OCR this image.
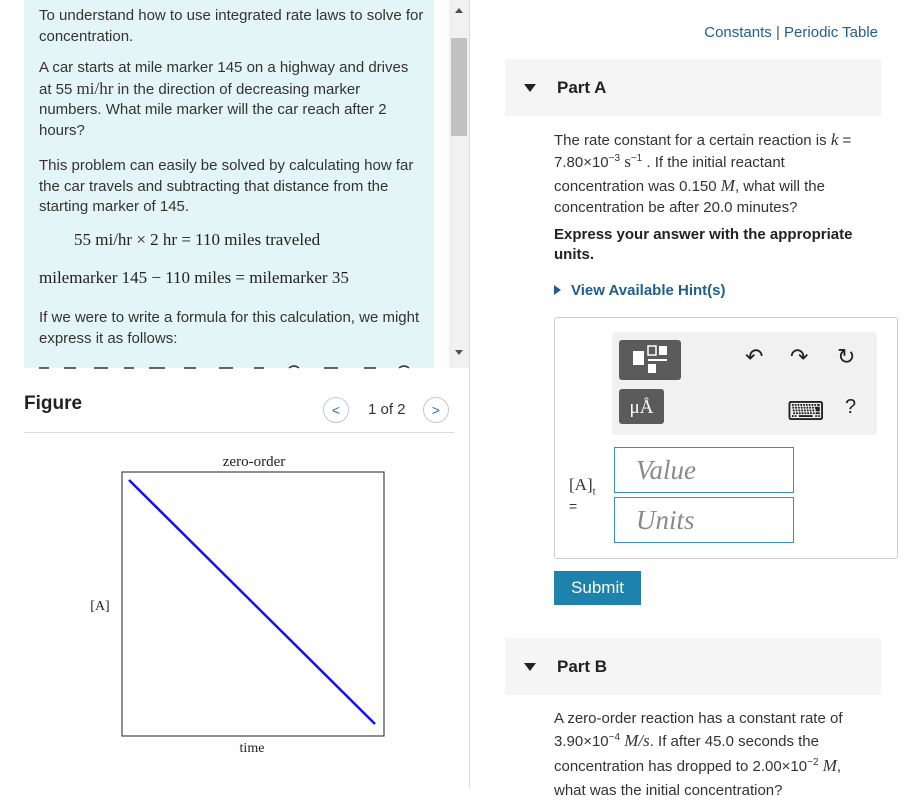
To understand how to use integrated rate laws to solve for concentration.

A car starts at mile marker 145 on a highway and drives at 55 mi/hr in the direction of decreasing marker numbers. What mile marker will the car reach after 2 hours?

This problem can easily be solved by calculating how far the car travels and subtracting that distance from the starting marker of 145.

55 mi/hr × 2 hr = 110 miles traveled
milemarker 145 − 110 miles = milemarker 35

If we were to write a formula for this calculation, we might express it as follows:

Figure	<	1 of 2	>
zero-order
[A]
time
Constants | Periodic Table
Part A
The rate constant for a certain reaction is k =
$7.80\times 10^{-3}$ $s^{-1}$ . If the initial reactant
concentration was 0.150 M, what will the
concentration be after 20.0 minutes?
Express your answer with the appropriate units.
View Available Hint(s)
μÅ
↶ ↷ ↻
⌨ ?
$[A]_t$
=
Value
Units
Submit
Part B
A zero-order reaction has a constant rate of
$3.90\times 10^{-4}$ M/s. If after 45.0 seconds the
concentration has dropped to $2.00\times 10^{-2}$ M,
what was the initial concentration?
